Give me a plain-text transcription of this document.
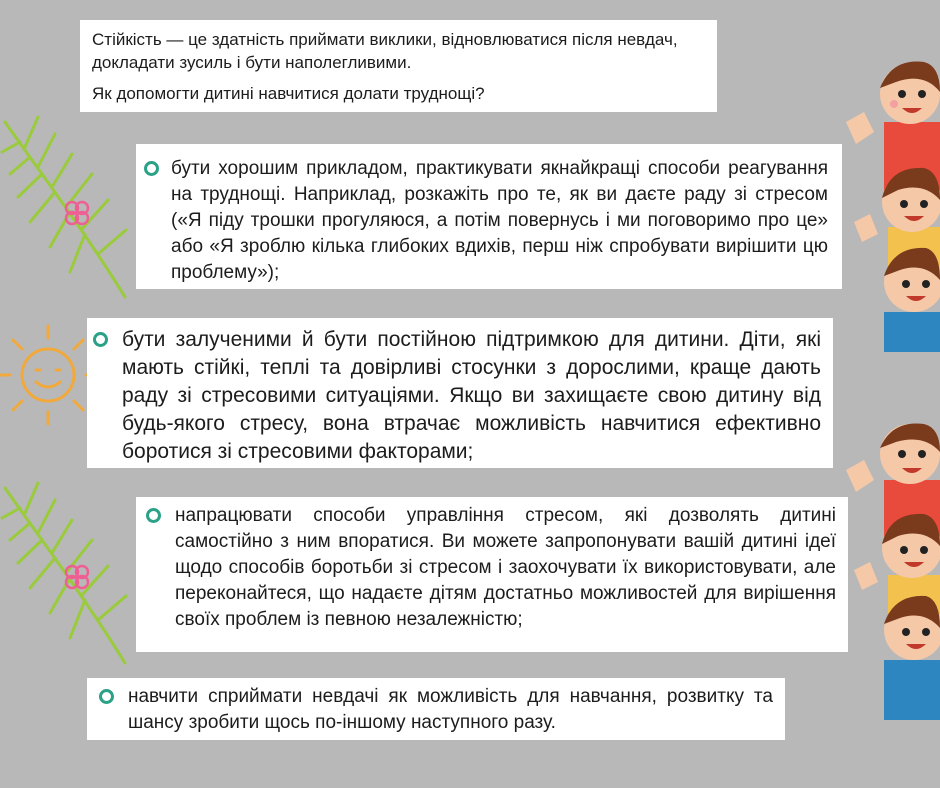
Стійкість — це здатність приймати виклики, відновлюватися після невдач, докладати зусиль і бути наполегливими.

Як допомогти дитині навчитися долати труднощі?

бути хорошим прикладом, практикувати якнайкращі способи реагування на труднощі. Наприклад, розкажіть про те, як ви даєте раду зі стресом («Я піду трошки прогуляюся, а потім повернусь і ми поговоримо про це» або «Я зроблю кілька глибоких вдихів, перш ніж спробувати вирішити цю проблему»);
бути залученими й бути постійною підтримкою для дитини. Діти, які мають стійкі, теплі та довірливі стосунки з дорослими, краще дають раду зі стресовими ситуаціями. Якщо ви захищаєте свою дитину від будь-якого стресу, вона втрачає можливість навчитися ефективно боротися зі стресовими факторами;
напрацювати способи управління стресом, які дозволять дитині самостійно з ним впоратися. Ви можете запропонувати вашій дитині ідеї щодо способів боротьби зі стресом і заохочувати їх використовувати, але переконайтеся, що надаєте дітям достатньо можливостей для вирішення своїх проблем із певною незалежністю;
навчити сприймати невдачі як можливість для навчання, розвитку та шансу зробити щось по-іншому наступного разу.
